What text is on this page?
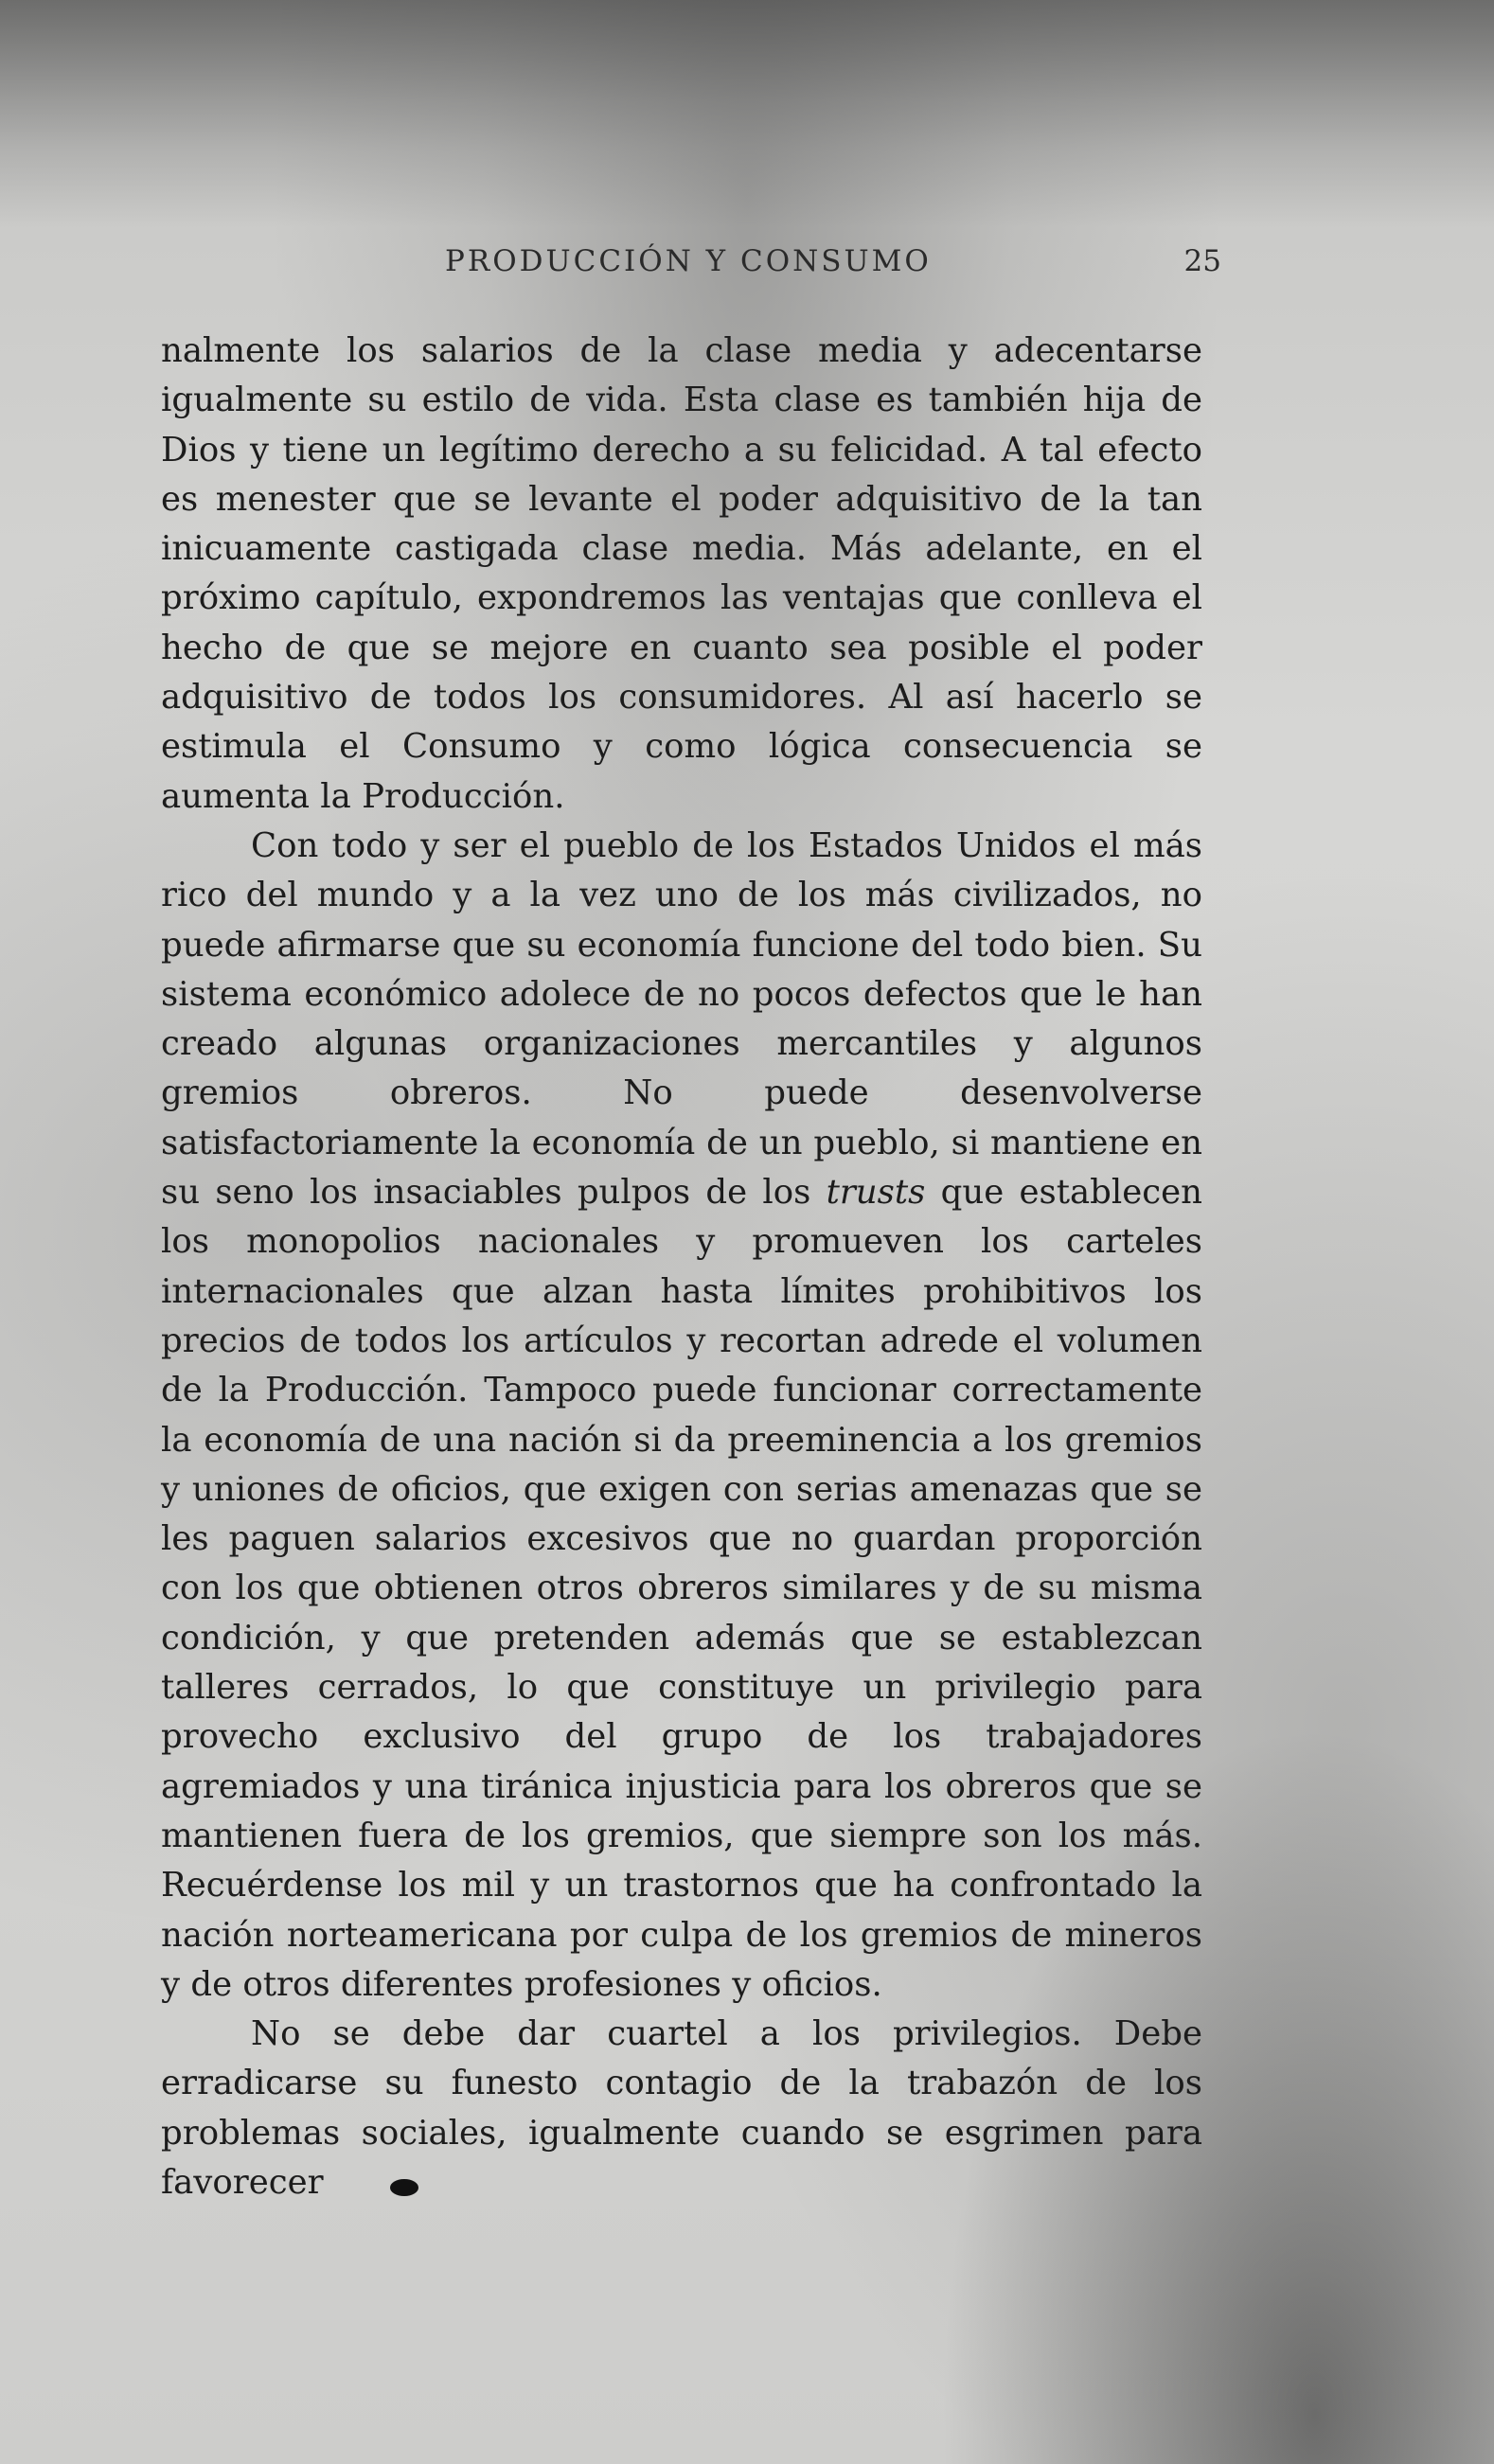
PRODUCCIÓN Y CONSUMO	25

nalmente los salarios de la clase media y adecentarse igualmente su estilo de vida. Esta clase es también hija de Dios y tiene un legítimo derecho a su felicidad. A tal efecto es menester que se levante el poder adquisitivo de la tan inicuamente castigada clase media. Más adelante, en el próximo capítulo, expondremos las ventajas que conlleva el hecho de que se mejore en cuanto sea posible el poder adquisitivo de todos los consumidores. Al así hacerlo se estimula el Consumo y como lógica consecuencia se aumenta la Producción.

Con todo y ser el pueblo de los Estados Unidos el más rico del mundo y a la vez uno de los más civilizados, no puede afirmarse que su economía funcione del todo bien. Su sistema económico adolece de no pocos defectos que le han creado algunas organizaciones mercantiles y algunos gremios obreros. No puede desenvolverse satisfactoriamente la economía de un pueblo, si mantiene en su seno los insaciables pulpos de los trusts que establecen los monopolios nacionales y promueven los carteles internacionales que alzan hasta límites prohibitivos los precios de todos los artículos y recortan adrede el volumen de la Producción. Tampoco puede funcionar correctamente la economía de una nación si da preeminencia a los gremios y uniones de oficios, que exigen con serias amenazas que se les paguen salarios excesivos que no guardan proporción con los que obtienen otros obreros similares y de su misma condición, y que pretenden además que se establezcan talleres cerrados, lo que constituye un privilegio para provecho exclusivo del grupo de los trabajadores agremiados y una tiránica injusticia para los obreros que se mantienen fuera de los gremios, que siempre son los más. Recuérdense los mil y un trastornos que ha confrontado la nación norteamericana por culpa de los gremios de mineros y de otros diferentes profesiones y oficios.

No se debe dar cuartel a los privilegios. Debe erradicarse su funesto contagio de la trabazón de los problemas sociales, igualmente cuando se esgrimen para favorecer
